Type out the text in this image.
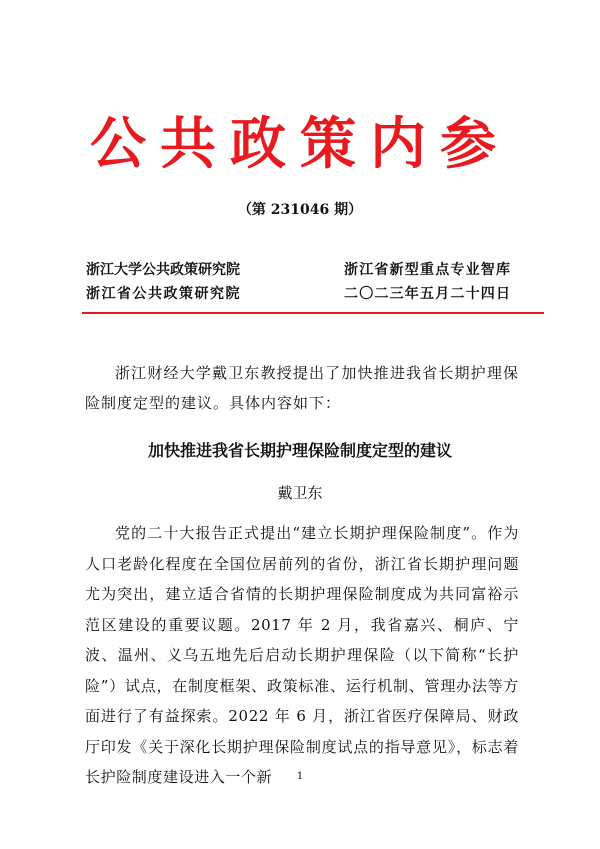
公共政策内参
（第 231046 期）
浙江大学公共政策研究院	浙江省新型重点专业智库
浙江省公共政策研究院	二〇二三年五月二十四日

浙江财经大学戴卫东教授提出了加快推进我省长期护理保险制度定型的建议。具体内容如下：

加快推进我省长期护理保险制度定型的建议
戴卫东

党的二十大报告正式提出“建立长期护理保险制度”。作为人口老龄化程度在全国位居前列的省份，浙江省长期护理问题尤为突出，建立适合省情的长期护理保险制度成为共同富裕示范区建设的重要议题。2017 年 2 月，我省嘉兴、桐庐、宁波、温州、义乌五地先后启动长期护理保险（以下简称“长护险”）试点，在制度框架、政策标准、运行机制、管理办法等方面进行了有益探索。2022 年 6 月，浙江省医疗保障局、财政厅印发《关于深化长期护理保险制度试点的指导意见》，标志着长护险制度建设进入一个新	1
